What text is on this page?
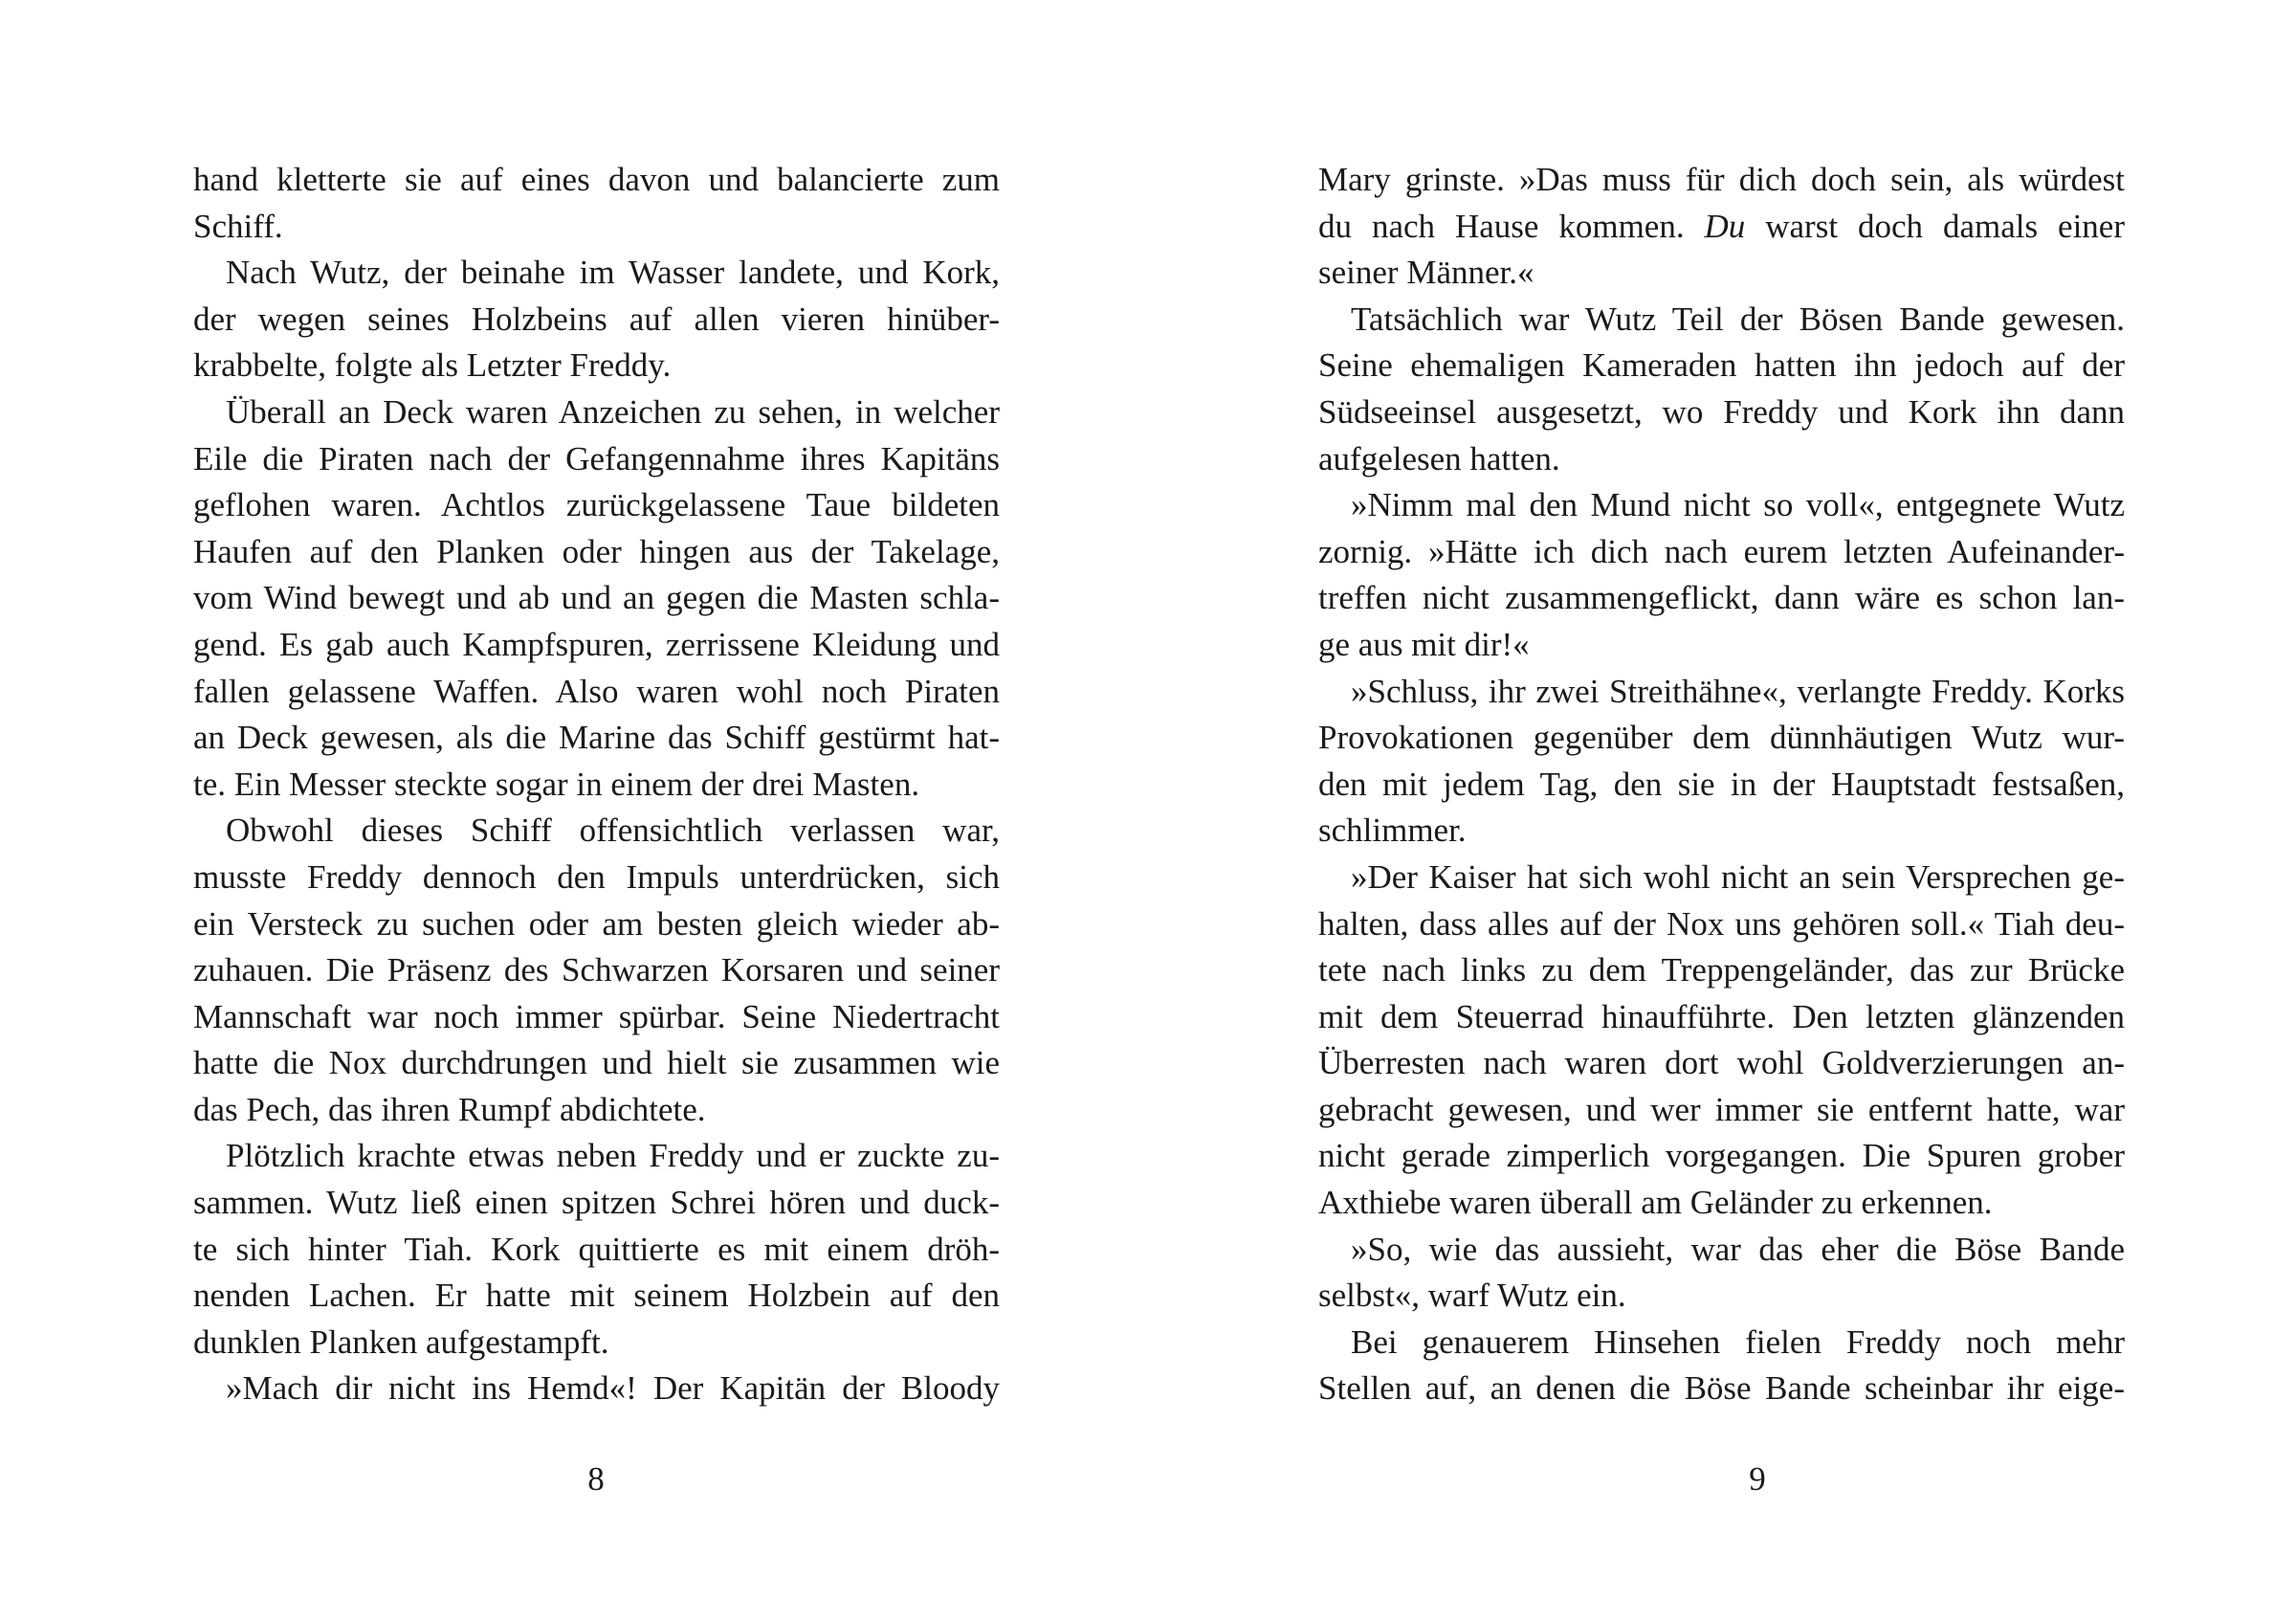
hand kletterte sie auf eines davon und balancierte zum
Schiff.
Nach Wutz, der beinahe im Wasser landete, und Kork,
der wegen seines Holzbeins auf allen vieren hinüber-
krabbelte, folgte als Letzter Freddy.
Überall an Deck waren Anzeichen zu sehen, in welcher
Eile die Piraten nach der Gefangennahme ihres Kapitäns
geflohen waren. Achtlos zurückgelassene Taue bildeten
Haufen auf den Planken oder hingen aus der Takelage,
vom Wind bewegt und ab und an gegen die Masten schla-
gend. Es gab auch Kampfspuren, zerrissene Kleidung und
fallen gelassene Waffen. Also waren wohl noch Piraten
an Deck gewesen, als die Marine das Schiff gestürmt hat-
te. Ein Messer steckte sogar in einem der drei Masten.
Obwohl dieses Schiff offensichtlich verlassen war,
musste Freddy dennoch den Impuls unterdrücken, sich
ein Versteck zu suchen oder am besten gleich wieder ab-
zuhauen. Die Präsenz des Schwarzen Korsaren und seiner
Mannschaft war noch immer spürbar. Seine Niedertracht
hatte die Nox durchdrungen und hielt sie zusammen wie
das Pech, das ihren Rumpf abdichtete.
Plötzlich krachte etwas neben Freddy und er zuckte zu-
sammen. Wutz ließ einen spitzen Schrei hören und duck-
te sich hinter Tiah. Kork quittierte es mit einem dröh-
nenden Lachen. Er hatte mit seinem Holzbein auf den
dunklen Planken aufgestampft.
»Mach dir nicht ins Hemd«! Der Kapitän der Bloody
8
Mary grinste. »Das muss für dich doch sein, als würdest
du nach Hause kommen. Du warst doch damals einer
seiner Männer.«
Tatsächlich war Wutz Teil der Bösen Bande gewesen.
Seine ehemaligen Kameraden hatten ihn jedoch auf der
Südseeinsel ausgesetzt, wo Freddy und Kork ihn dann
aufgelesen hatten.
»Nimm mal den Mund nicht so voll«, entgegnete Wutz
zornig. »Hätte ich dich nach eurem letzten Aufeinander-
treffen nicht zusammengeflickt, dann wäre es schon lan-
ge aus mit dir!«
»Schluss, ihr zwei Streithähne«, verlangte Freddy. Korks
Provokationen gegenüber dem dünnhäutigen Wutz wur-
den mit jedem Tag, den sie in der Hauptstadt festsaßen,
schlimmer.
»Der Kaiser hat sich wohl nicht an sein Versprechen ge-
halten, dass alles auf der Nox uns gehören soll.« Tiah deu-
tete nach links zu dem Treppengeländer, das zur Brücke
mit dem Steuerrad hinaufführte. Den letzten glänzenden
Überresten nach waren dort wohl Goldverzierungen an-
gebracht gewesen, und wer immer sie entfernt hatte, war
nicht gerade zimperlich vorgegangen. Die Spuren grober
Axthiebe waren überall am Geländer zu erkennen.
»So, wie das aussieht, war das eher die Böse Bande
selbst«, warf Wutz ein.
Bei genauerem Hinsehen fielen Freddy noch mehr
Stellen auf, an denen die Böse Bande scheinbar ihr eige-
9
